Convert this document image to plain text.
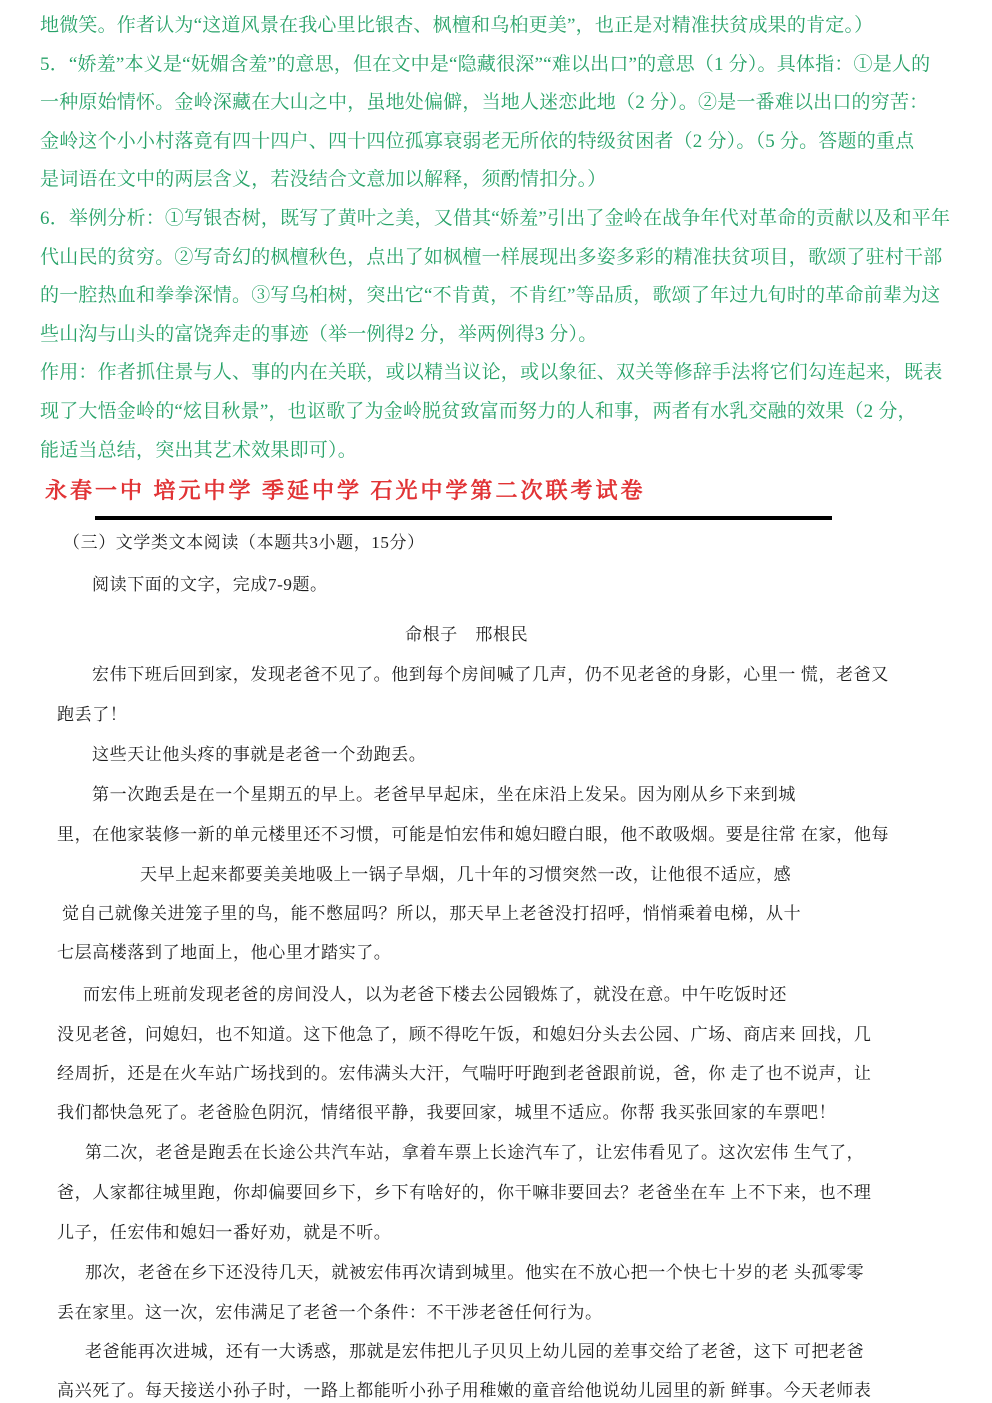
地微笑。作者认为“这道风景在我心里比银杏、枫檀和乌桕更美”，也正是对精准扶贫成果的肯定。）
5．“娇羞”本义是“妩媚含羞”的意思，但在文中是“隐藏很深”“难以出口”的意思（1 分）。具体指：①是人的
一种原始情怀。金岭深藏在大山之中，虽地处偏僻，当地人迷恋此地（2 分）。②是一番难以出口的穷苦：
金岭这个小小村落竟有四十四户、四十四位孤寡衰弱老无所依的特级贫困者（2 分）。（5 分。答题的重点
是词语在文中的两层含义，若没结合文意加以解释，须酌情扣分。）
6．举例分析：①写银杏树，既写了黄叶之美，又借其“娇羞”引出了金岭在战争年代对革命的贡献以及和平年
代山民的贫穷。②写奇幻的枫檀秋色，点出了如枫檀一样展现出多姿多彩的精准扶贫项目，歌颂了驻村干部
的一腔热血和拳拳深情。③写乌桕树，突出它“不肯黄，不肯红”等品质，歌颂了年过九旬时的革命前辈为这
些山沟与山头的富饶奔走的事迹（举一例得2 分，举两例得3 分）。
作用：作者抓住景与人、事的内在关联，或以精当议论，或以象征、双关等修辞手法将它们勾连起来，既表
现了大悟金岭的“炫目秋景”，也讴歌了为金岭脱贫致富而努力的人和事，两者有水乳交融的效果（2 分，
能适当总结，突出其艺术效果即可）。
永春一中 培元中学 季延中学 石光中学第二次联考试卷
（三）文学类文本阅读（本题共3小题，15分）
阅读下面的文字，完成7-9题。
命根子　邢根民
宏伟下班后回到家，发现老爸不见了。他到每个房间喊了几声，仍不见老爸的身影，心里一 慌，老爸又
跑丢了！
这些天让他头疼的事就是老爸一个劲跑丢。
第一次跑丢是在一个星期五的早上。老爸早早起床，坐在床沿上发呆。因为刚从乡下来到城
里，在他家装修一新的单元楼里还不习惯，可能是怕宏伟和媳妇瞪白眼，他不敢吸烟。要是往常 在家，他每
天早上起来都要美美地吸上一锅子旱烟，几十年的习惯突然一改，让他很不适应，感
觉自己就像关进笼子里的鸟，能不憋屈吗？所以，那天早上老爸没打招呼，悄悄乘着电梯，从十
七层高楼落到了地面上，他心里才踏实了。
而宏伟上班前发现老爸的房间没人，以为老爸下楼去公园锻炼了，就没在意。中午吃饭时还
没见老爸，问媳妇，也不知道。这下他急了，顾不得吃午饭，和媳妇分头去公园、广场、商店来 回找，几
经周折，还是在火车站广场找到的。宏伟满头大汗，气喘吁吁跑到老爸跟前说，爸，你 走了也不说声，让
我们都快急死了。老爸脸色阴沉，情绪很平静，我要回家，城里不适应。你帮 我买张回家的车票吧！
第二次，老爸是跑丢在长途公共汽车站，拿着车票上长途汽车了，让宏伟看见了。这次宏伟 生气了，
爸，人家都往城里跑，你却偏要回乡下，乡下有啥好的，你干嘛非要回去？老爸坐在车 上不下来，也不理
儿子，任宏伟和媳妇一番好劝，就是不听。
那次，老爸在乡下还没待几天，就被宏伟再次请到城里。他实在不放心把一个快七十岁的老 头孤零零
丢在家里。这一次，宏伟满足了老爸一个条件：不干涉老爸任何行为。
老爸能再次进城，还有一大诱惑，那就是宏伟把儿子贝贝上幼儿园的差事交给了老爸，这下 可把老爸
高兴死了。每天接送小孙子时，一路上都能听小孙子用稚嫩的童音给他说幼儿园里的新 鲜事。今天老师表
